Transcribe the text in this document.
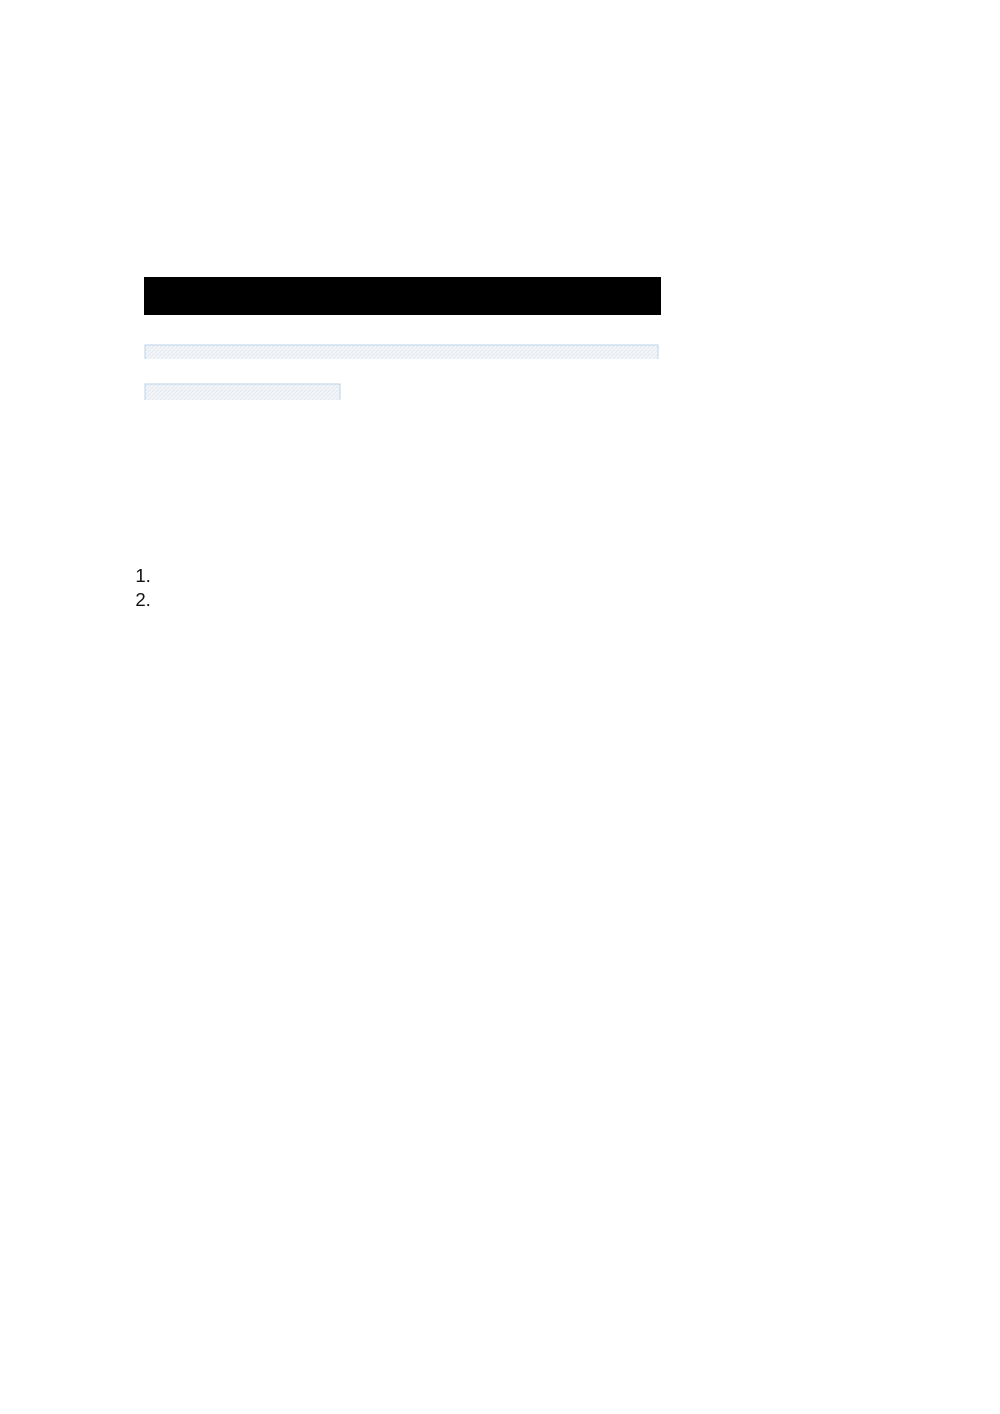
1.
2.
